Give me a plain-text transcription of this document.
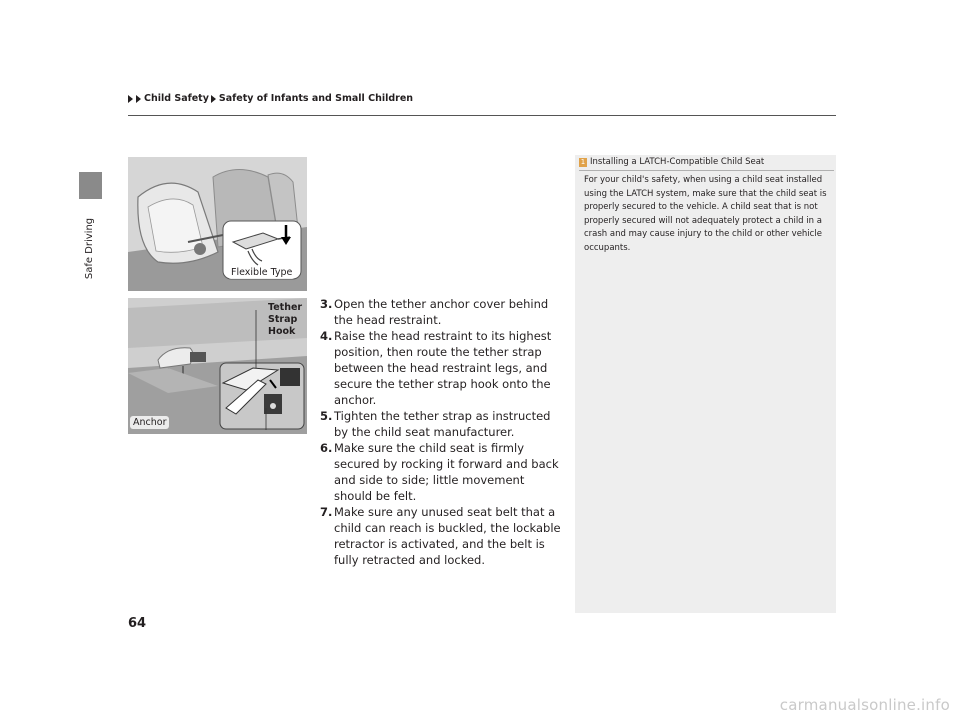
Safe Driving
Child Safety Safety of Infants and Small Children
Flexible Type
Tether
Strap
Hook
Anchor

3. Open the tether anchor cover behind the head restraint.

4. Raise the head restraint to its highest position, then route the tether strap between the head restraint legs, and secure the tether strap hook onto the anchor.

5. Tighten the tether strap as instructed by the child seat manufacturer.

6. Make sure the child seat is firmly secured by rocking it forward and back and side to side; little movement should be felt.

7. Make sure any unused seat belt that a child can reach is buckled, the lockable retractor is activated, and the belt is fully retracted and locked.

1 Installing a LATCH-Compatible Child Seat
For your child's safety, when using a child seat installed using the LATCH system, make sure that the child seat is properly secured to the vehicle. A child seat that is not properly secured will not adequately protect a child in a crash and may cause injury to the child or other vehicle occupants.
64
carmanualsonline.info
